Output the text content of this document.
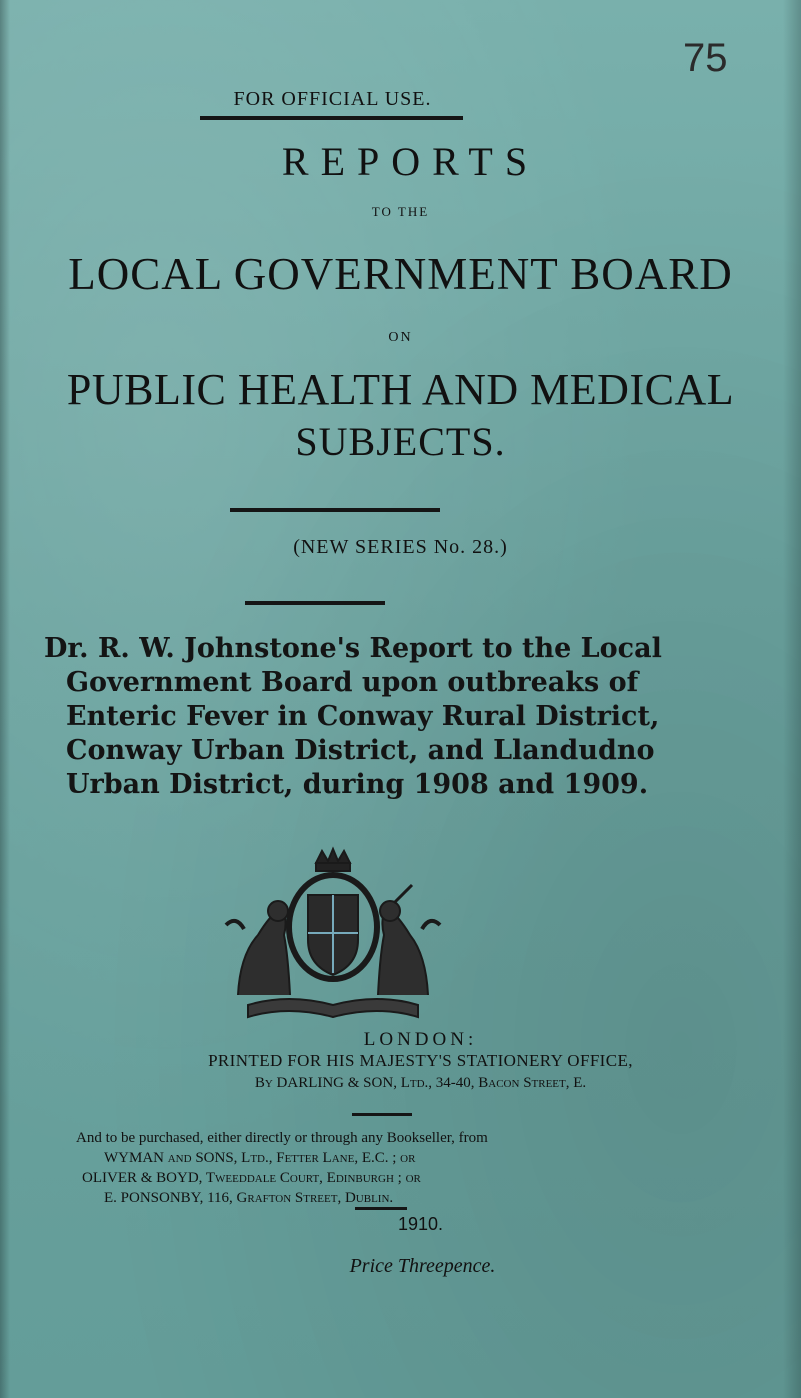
75
FOR OFFICIAL USE.
REPORTS
TO THE
LOCAL GOVERNMENT BOARD
ON
PUBLIC HEALTH AND MEDICAL
SUBJECTS.
(NEW SERIES No. 28.)
Dr. R. W. Johnstone's Report to the Local
Government Board upon outbreaks of
Enteric Fever in Conway Rural District,
Conway Urban District, and Llandudno
Urban District, during 1908 and 1909.
LONDON:
PRINTED FOR HIS MAJESTY'S STATIONERY OFFICE,
By DARLING & SON, Ltd., 34-40, Bacon Street, E.
And to be purchased, either directly or through any Bookseller, from
WYMAN and SONS, Ltd., Fetter Lane, E.C. ; or
OLIVER & BOYD, Tweeddale Court, Edinburgh ; or
E. PONSONBY, 116, Grafton Street, Dublin.
1910.
Price Threepence.
